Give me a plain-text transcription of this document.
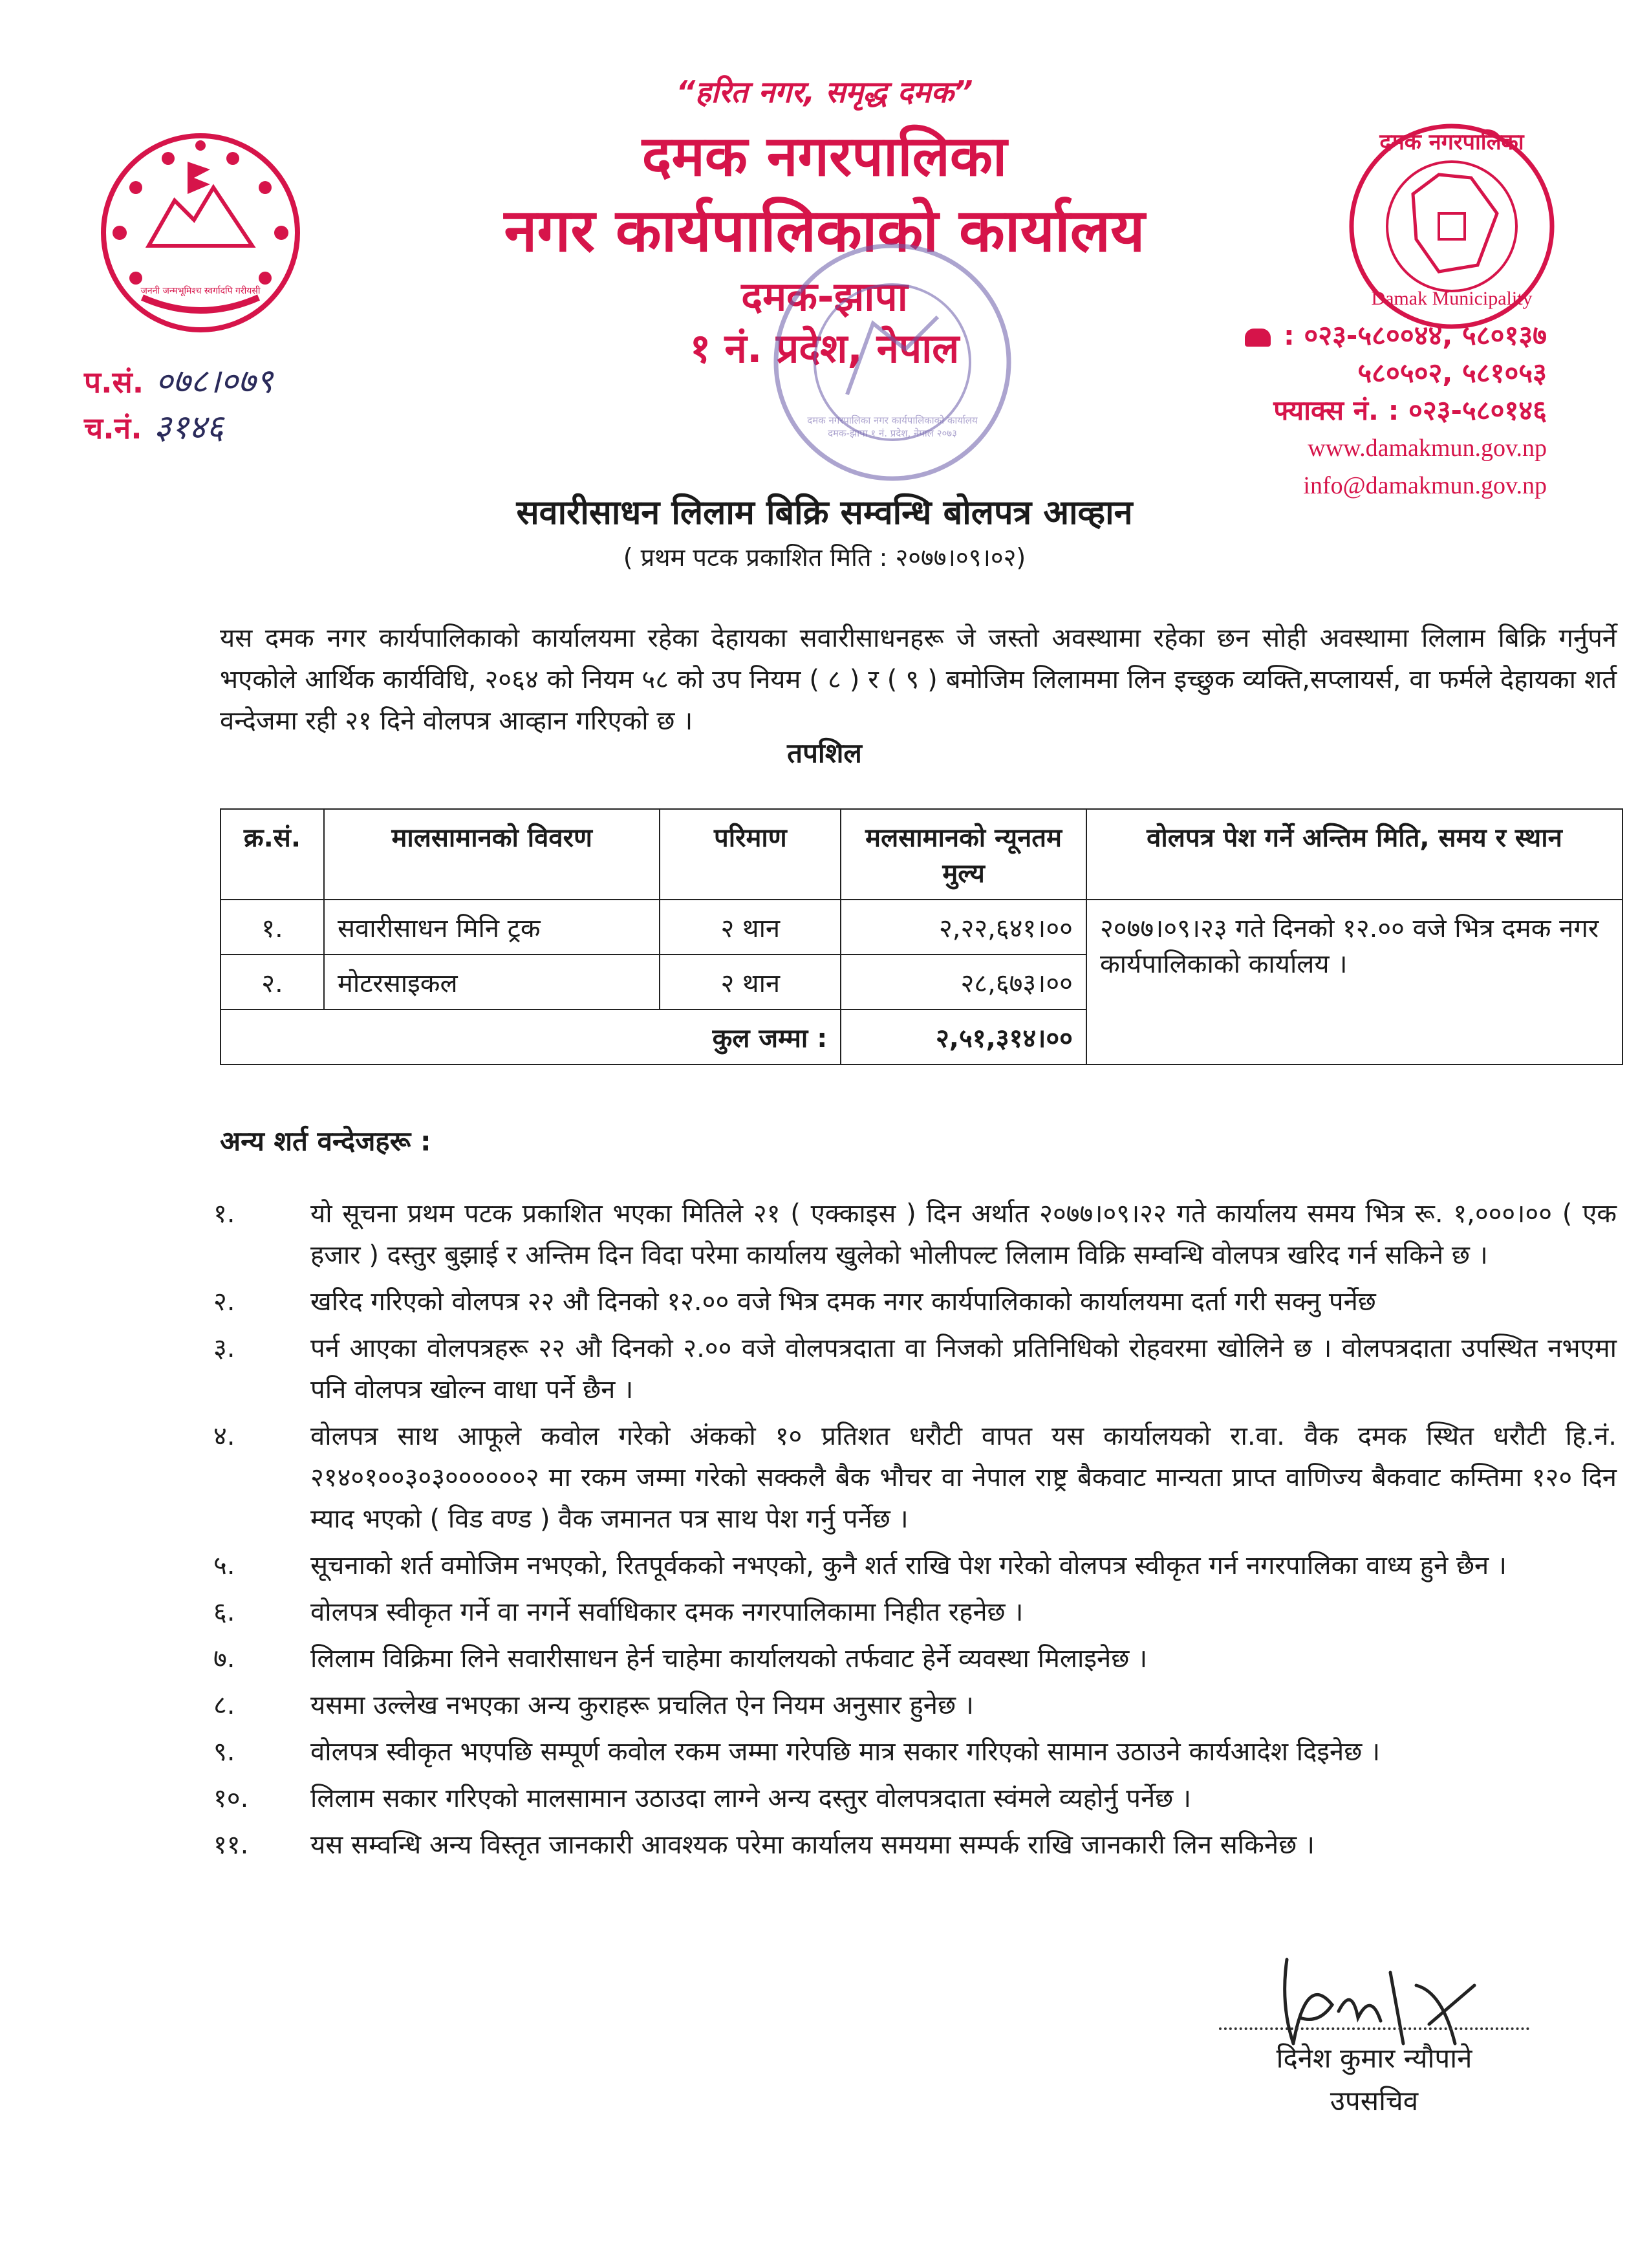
जननी जन्मभूमिश्च स्वर्गादपि गरीयसी
“हरित नगर, समृद्ध दमक”
दमक नगरपालिका
नगर कार्यपालिकाको कार्यालय
दमक-झापा
१ नं. प्रदेश, नेपाल
दमक नगरपालिका नगर कार्यपालिकाको कार्यालय दमक-झापा १ नं. प्रदेश, नेपाल २०७३
दमक नगरपालिका
Damak Municipality
प.सं. ०७८।०७९
च.नं. ३१४६
: ०२३-५८००४४, ५८०१३७
५८०५०२, ५८१०५३
फ्याक्स नं. : ०२३-५८०१४६
www.damakmun.gov.np
info@damakmun.gov.np
सवारीसाधन लिलाम बिक्रि सम्वन्धि बोलपत्र आव्हान
( प्रथम पटक प्रकाशित मिति : २०७७।०९।०२)
यस दमक नगर कार्यपालिकाको कार्यालयमा रहेका देहायका सवारीसाधनहरू जे जस्तो अवस्थामा रहेका छन सोही अवस्थामा लिलाम बिक्रि गर्नुपर्ने भएकोले आर्थिक कार्यविधि, २०६४ को नियम ५८ को उप नियम ( ८ ) र ( ९ ) बमोजिम लिलाममा लिन इच्छुक व्यक्ति,सप्लायर्स, वा फर्मले देहायका शर्त वन्देजमा रही २१ दिने वोलपत्र आव्हान गरिएको छ ।
तपशिल
क्र.सं.	मालसामानको विवरण	परिमाण	मलसामानको न्यूनतम मुल्य	वोलपत्र पेश गर्ने अन्तिम मिति, समय र स्थान
१.	सवारीसाधन मिनि ट्रक	२ थान	२,२२,६४१।००	२०७७।०९।२३ गते दिनको १२.०० वजे भित्र दमक नगर कार्यपालिकाको कार्यालय ।
२.	मोटरसाइकल	२ थान	२८,६७३।००	
कुल जम्मा :			२,५१,३१४।००	
अन्य शर्त वन्देजहरू :
१.	यो सूचना प्रथम पटक प्रकाशित भएका मितिले २१ ( एक्काइस ) दिन अर्थात २०७७।०९।२२ गते कार्यालय समय भित्र रू. १,०००।०० ( एक हजार ) दस्तुर बुझाई र अन्तिम दिन विदा परेमा कार्यालय खुलेको भोलीपल्ट लिलाम विक्रि सम्वन्धि वोलपत्र खरिद गर्न सकिने छ ।
२.	खरिद गरिएको वोलपत्र २२ औ दिनको १२.०० वजे भित्र दमक नगर कार्यपालिकाको कार्यालयमा दर्ता गरी सक्नु पर्नेछ
३.	पर्न आएका वोलपत्रहरू २२ औ दिनको २.०० वजे वोलपत्रदाता वा निजको प्रतिनिधिको रोहवरमा खोलिने छ । वोलपत्रदाता उपस्थित नभएमा पनि वोलपत्र खोल्न वाधा पर्ने छैन ।
४.	वोलपत्र साथ आफूले कवोल गरेको अंकको १० प्रतिशत धरौटी वापत यस कार्यालयको रा.वा. वैक दमक स्थित धरौटी हि.नं. २१४०१००३०३००००००२ मा रकम जम्मा गरेको सक्कलै बैक भौचर वा नेपाल राष्ट्र बैकवाट मान्यता प्राप्त वाणिज्य बैकवाट कम्तिमा १२० दिन म्याद भएको ( विड वण्ड ) वैक जमानत पत्र साथ पेश गर्नु पर्नेछ ।
५.	सूचनाको शर्त वमोजिम नभएको, रितपूर्वकको नभएको, कुनै शर्त राखि पेश गरेको वोलपत्र स्वीकृत गर्न नगरपालिका वाध्य हुने छैन ।
६.	वोलपत्र स्वीकृत गर्ने वा नगर्ने सर्वाधिकार दमक नगरपालिकामा निहीत रहनेछ ।
७.	लिलाम विक्रिमा लिने सवारीसाधन हेर्न चाहेमा कार्यालयको तर्फवाट हेर्ने व्यवस्था मिलाइनेछ ।
८.	यसमा उल्लेख नभएका अन्य कुराहरू प्रचलित ऐन नियम अनुसार हुनेछ ।
९.	वोलपत्र स्वीकृत भएपछि सम्पूर्ण कवोल रकम जम्मा गरेपछि मात्र सकार गरिएको सामान उठाउने कार्यआदेश दिइनेछ ।
१०.	लिलाम सकार गरिएको मालसामान उठाउदा लाग्ने अन्य दस्तुर वोलपत्रदाता स्वंमले व्यहोर्नु पर्नेछ ।
११.	यस सम्वन्धि अन्य विस्तृत जानकारी आवश्यक परेमा कार्यालय समयमा सम्पर्क राखि जानकारी लिन सकिनेछ ।
दिनेश कुमार न्यौपाने
उपसचिव
